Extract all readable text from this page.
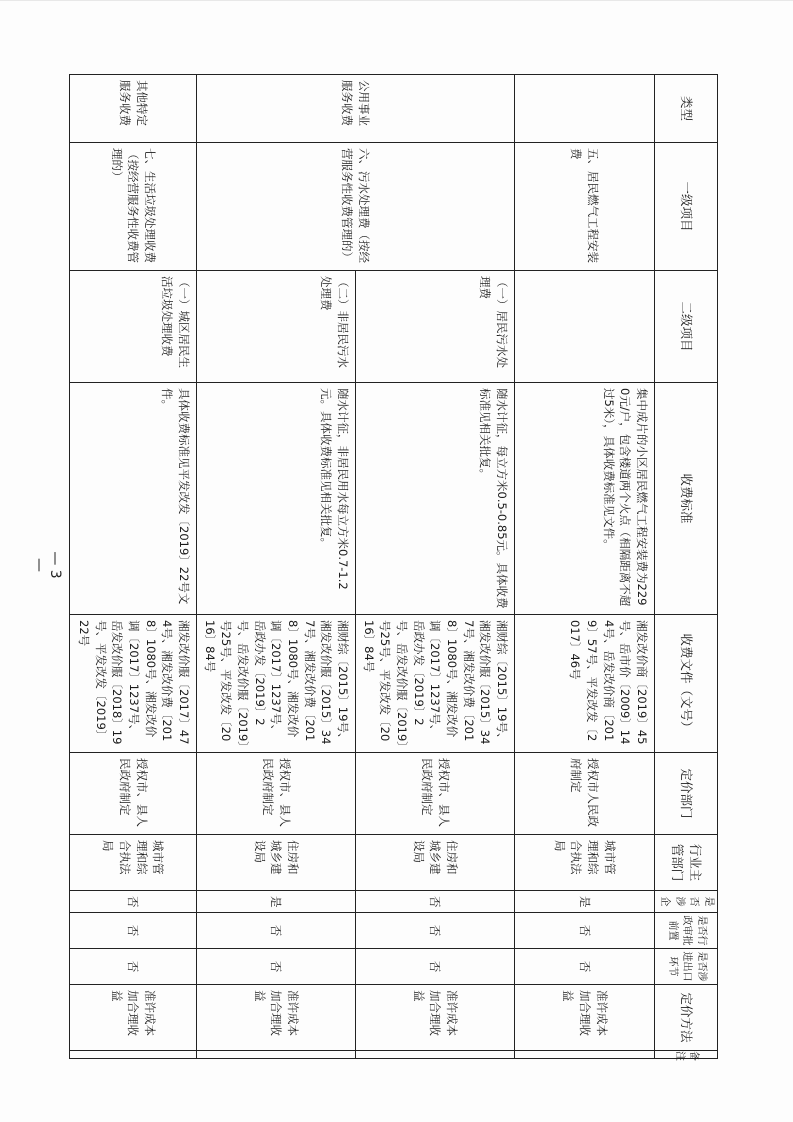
类型	一级项目	二级项目	收费标准	收费文件（文号）	定价部门	行业主管部门	是否涉企	是否行政审批前置	是否涉进出口环节	定价方法	备注
	五、居民燃气工程安装费		集中成片的小区居民燃气工程安装费为2290元/户，包含楼道两个火点（相隔距离不超过5米），具体收费标准见文件。	湘发改价商〔2019〕45号、岳市价〔2009〕144号、岳发改价商〔2019〕57号、平发改发〔2017〕46号	授权市人民政府制定	城市管理和综合执法局	是	否	否	准许成本加合理收益	
公用事业服务收费	六、污水处理费（按经营服务性收费管理的）	（一）居民污水处理费	随水计征，每立方米0.5-0.85元。具体收费标准见相关批复。	湘财综〔2015〕19号、湘发改价服〔2015〕347号、湘发改价费〔2018〕1080号、湘发改价调〔2017〕1237号、岳政办发〔2019〕2号、岳发改价服〔2019〕号25号、平发改发〔2016〕84号	授权市、县人民政府制定	住房和城乡建设局	否	否	否	准许成本加合理收益	
		（二）非居民污水处理费	随水计征，非居民用水每立方米0.7-1.2元。具体收费标准见相关批复。	湘财综〔2015〕19号、湘发改价服〔2015〕347号、湘发改价费〔2018〕1080号、湘发改价调〔2017〕1237号、岳政办发〔2019〕2号、岳发改价服〔2019〕号25号、平发改发〔2016〕84号	授权市、县人民政府制定	住房和城乡建设局	是	否	否	准许成本加合理收益	
其他特定服务收费	七、生活垃圾处理收费（按经营服务性收费管理的）	（一）城区居民生活垃圾处理收费	具体收费标准见平发改发〔2019〕22号文件。	湘发改价服〔2017〕474号、湘发改价费〔2018〕1080号、湘发改价调〔2017〕1237号、岳发改价服〔2018〕19号、平发改发〔2019〕22号	授权市、县人民政府制定	城市管理和综合执法局	否	否	否	准许成本加合理收益	
— 3 —
